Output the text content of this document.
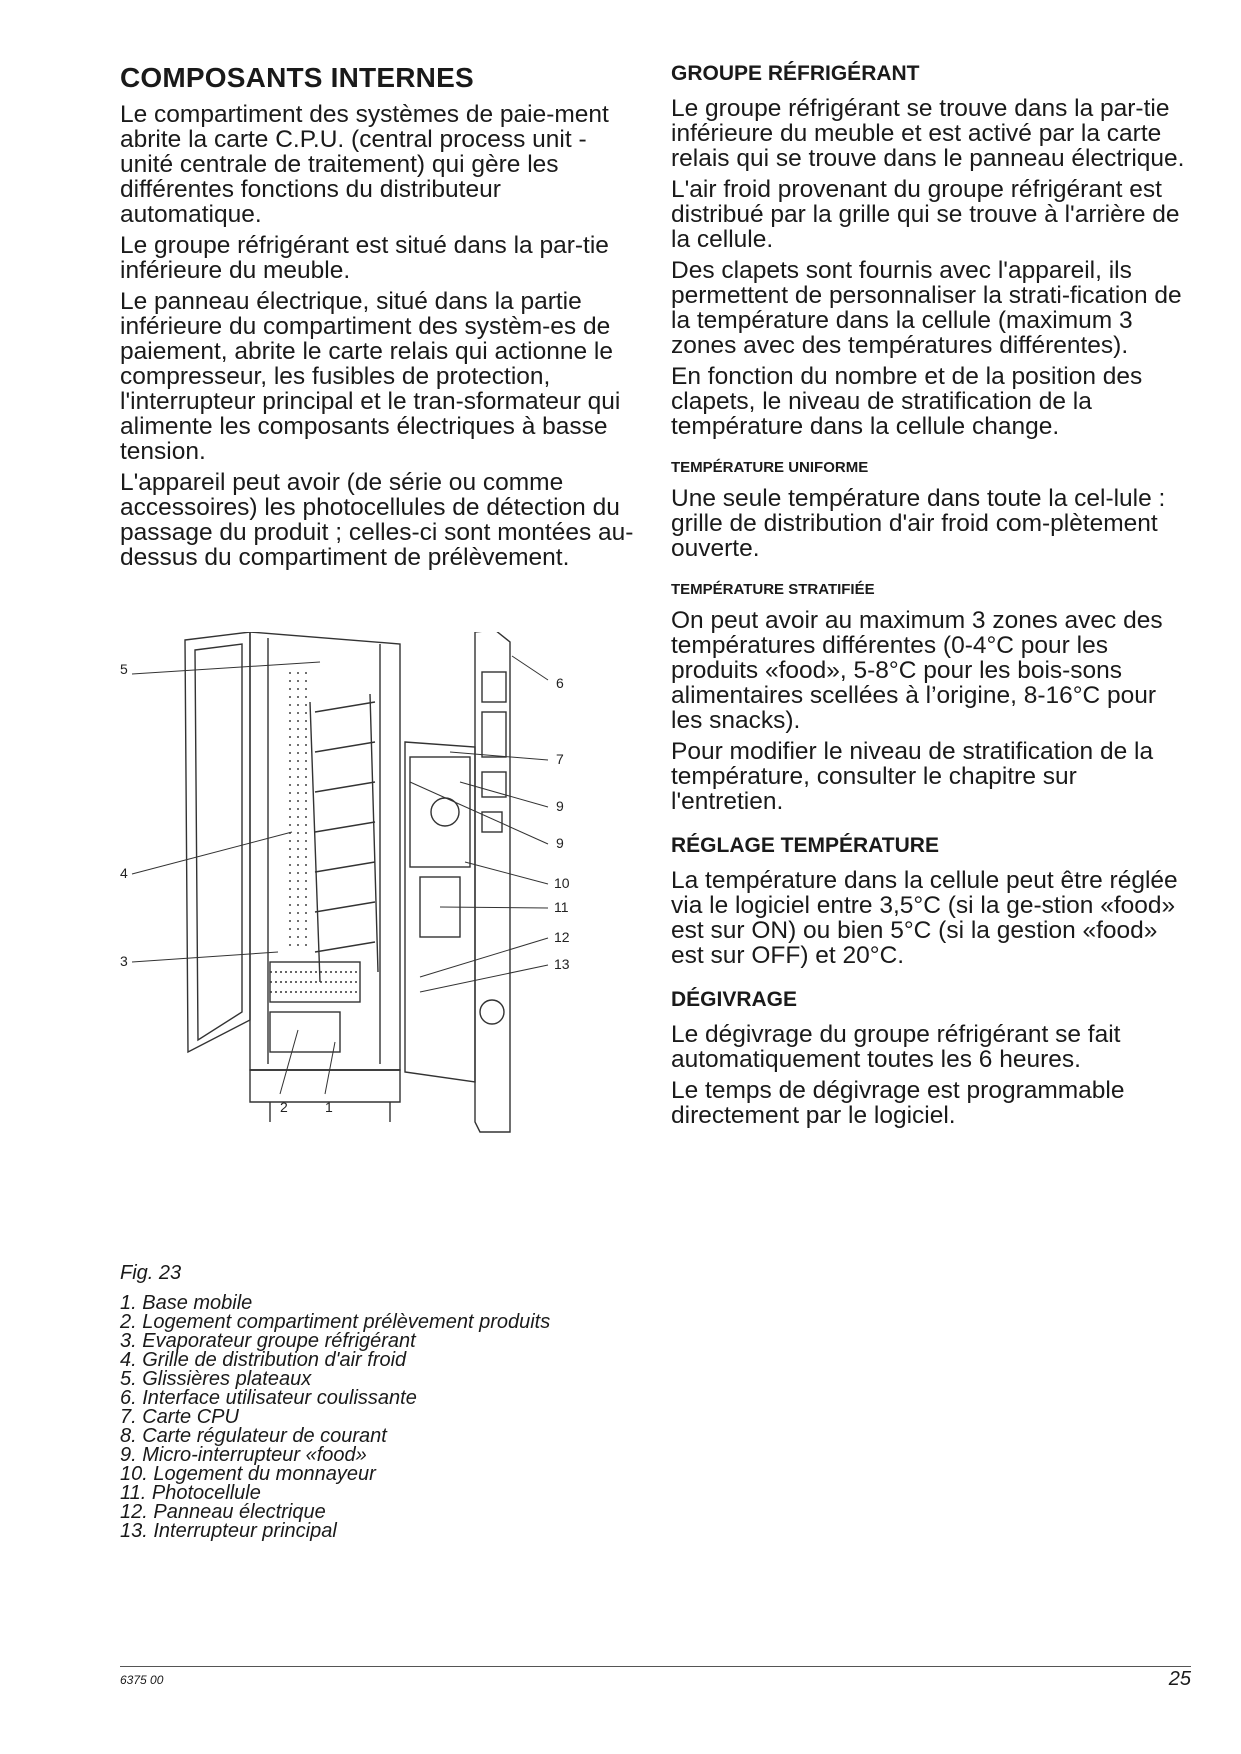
COMPOSANTS INTERNES

Le compartiment des systèmes de paie-ment abrite la carte C.P.U. (central process unit - unité centrale de traitement) qui gère les différentes fonctions du distributeur automatique.

Le groupe réfrigérant est situé dans la par-tie inférieure du meuble.

Le panneau électrique, situé dans la partie inférieure du compartiment des systèm-es de paiement, abrite le carte relais qui actionne le compresseur, les fusibles de protection, l'interrupteur principal et le tran-sformateur qui alimente les composants électriques à basse tension.

L'appareil peut avoir (de série ou comme accessoires) les photocellules de détection du passage du produit ; celles-ci sont montées au-dessus du compartiment de prélèvement.

5
4
3
6
7
9
9
10
11
12
13
2	1
Fig. 23
1. Base mobile
2. Logement compartiment prélèvement produits
3. Evaporateur groupe réfrigérant
4. Grille de distribution d'air froid
5. Glissières plateaux
6. Interface utilisateur coulissante
7. Carte CPU
8. Carte régulateur de courant
9. Micro-interrupteur «food»
10. Logement du monnayeur
11. Photocellule
12. Panneau électrique
13. Interrupteur principal
GROUPE RÉFRIGÉRANT

Le groupe réfrigérant se trouve dans la par-tie inférieure du meuble et est activé par la carte relais qui se trouve dans le panneau électrique.

L'air froid provenant du groupe réfrigérant est distribué par la grille qui se trouve à l'arrière de la cellule.

Des clapets sont fournis avec l'appareil, ils permettent de personnaliser la strati-fication de la température dans la cellule (maximum 3 zones avec des températures différentes).

En fonction du nombre et de la position des clapets, le niveau de stratification de la température dans la cellule change.

TEMPÉRATURE UNIFORME

Une seule température dans toute la cel-lule : grille de distribution d'air froid com-plètement ouverte.

TEMPÉRATURE STRATIFIÉE

On peut avoir au maximum 3 zones avec des températures différentes (0-4°C pour les produits «food», 5-8°C pour les bois-sons alimentaires scellées à l’origine, 8-16°C pour les snacks).

Pour modifier le niveau de stratification de la température, consulter le chapitre sur l'entretien.

RÉGLAGE TEMPÉRATURE

La température dans la cellule peut être réglée via le logiciel entre 3,5°C (si la ge-stion «food» est sur ON) ou bien 5°C (si la gestion «food» est sur OFF) et 20°C.

DÉGIVRAGE

Le dégivrage du groupe réfrigérant se fait automatiquement toutes les 6 heures.

Le temps de dégivrage est programmable directement par le logiciel.

6375 00	25
